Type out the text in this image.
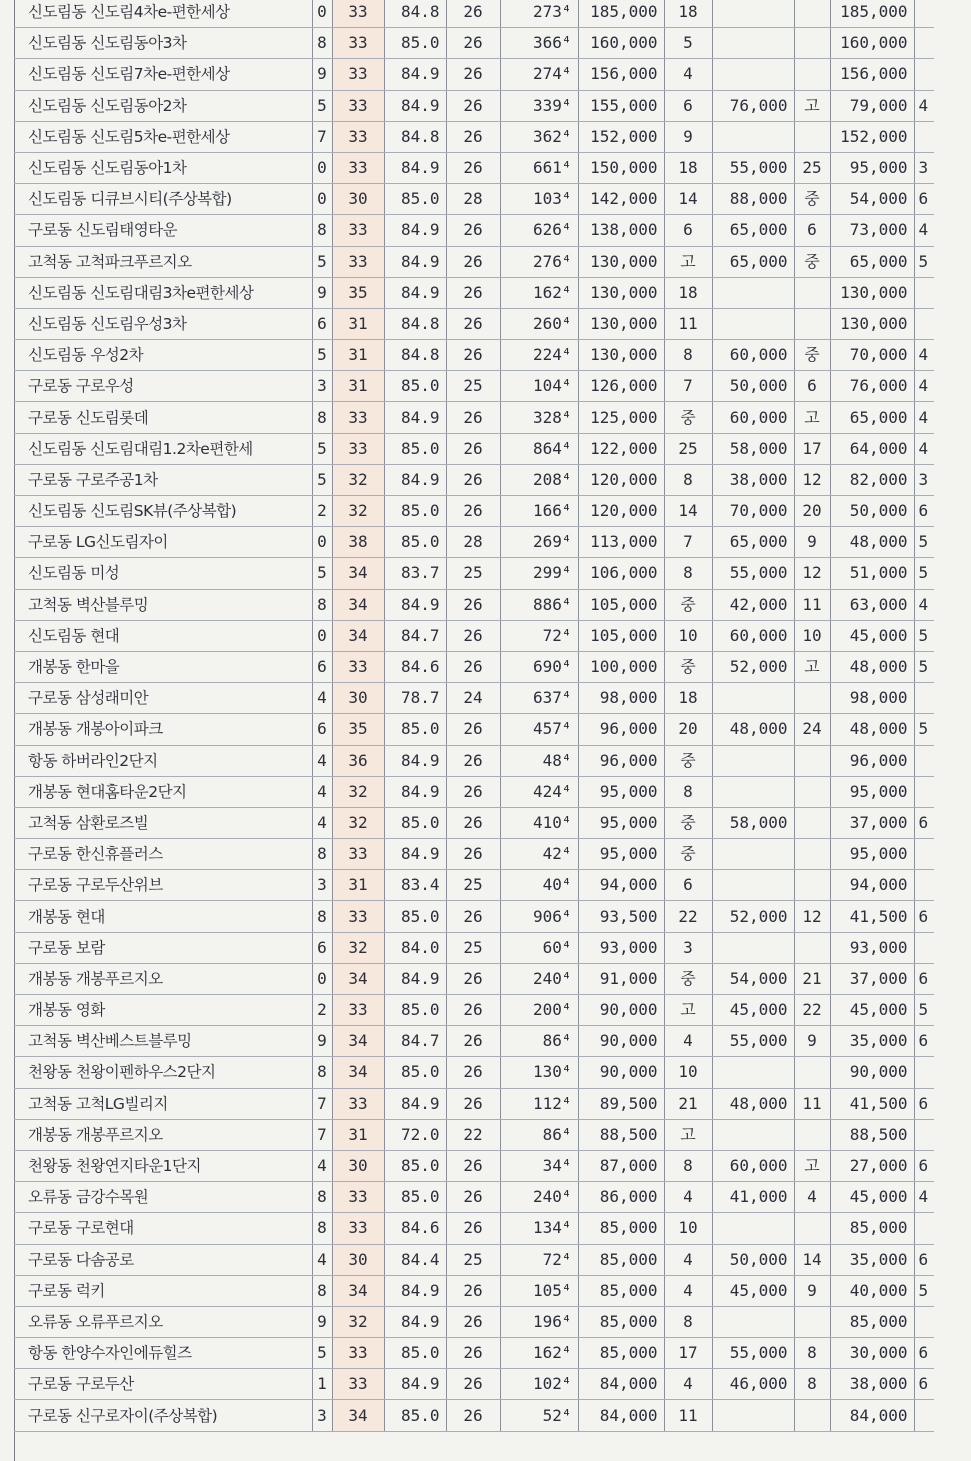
신도림동 신도림4차e-편한세상	0	33	84.8	26	273⁴	185,000	18			185,000	
신도림동 신도림동아3차	8	33	85.0	26	366⁴	160,000	5			160,000	
신도림동 신도림7차e-편한세상	9	33	84.9	26	274⁴	156,000	4			156,000	
신도림동 신도림동아2차	5	33	84.9	26	339⁴	155,000	6	76,000	고	79,000	4
신도림동 신도림5차e-편한세상	7	33	84.8	26	362⁴	152,000	9			152,000	
신도림동 신도림동아1차	0	33	84.9	26	661⁴	150,000	18	55,000	25	95,000	3
신도림동 디큐브시티(주상복합)	0	30	85.0	28	103⁴	142,000	14	88,000	중	54,000	6
구로동 신도림태영타운	8	33	84.9	26	626⁴	138,000	6	65,000	6	73,000	4
고척동 고척파크푸르지오	5	33	84.9	26	276⁴	130,000	고	65,000	중	65,000	5
신도림동 신도림대림3차e편한세상	9	35	84.9	26	162⁴	130,000	18			130,000	
신도림동 신도림우성3차	6	31	84.8	26	260⁴	130,000	11			130,000	
신도림동 우성2차	5	31	84.8	26	224⁴	130,000	8	60,000	중	70,000	4
구로동 구로우성	3	31	85.0	25	104⁴	126,000	7	50,000	6	76,000	4
구로동 신도림롯데	8	33	84.9	26	328⁴	125,000	중	60,000	고	65,000	4
신도림동 신도림대림1.2차e편한세	5	33	85.0	26	864⁴	122,000	25	58,000	17	64,000	4
구로동 구로주공1차	5	32	84.9	26	208⁴	120,000	8	38,000	12	82,000	3
신도림동 신도림SK뷰(주상복합)	2	32	85.0	26	166⁴	120,000	14	70,000	20	50,000	6
구로동 LG신도림자이	0	38	85.0	28	269⁴	113,000	7	65,000	9	48,000	5
신도림동 미성	5	34	83.7	25	299⁴	106,000	8	55,000	12	51,000	5
고척동 벽산블루밍	8	34	84.9	26	886⁴	105,000	중	42,000	11	63,000	4
신도림동 현대	0	34	84.7	26	72⁴	105,000	10	60,000	10	45,000	5
개봉동 한마을	6	33	84.6	26	690⁴	100,000	중	52,000	고	48,000	5
구로동 삼성래미안	4	30	78.7	24	637⁴	98,000	18			98,000	
개봉동 개봉아이파크	6	35	85.0	26	457⁴	96,000	20	48,000	24	48,000	5
항동 하버라인2단지	4	36	84.9	26	48⁴	96,000	중			96,000	
개봉동 현대홈타운2단지	4	32	84.9	26	424⁴	95,000	8			95,000	
고척동 삼환로즈빌	4	32	85.0	26	410⁴	95,000	중	58,000		37,000	6
구로동 한신휴플러스	8	33	84.9	26	42⁴	95,000	중			95,000	
구로동 구로두산위브	3	31	83.4	25	40⁴	94,000	6			94,000	
개봉동 현대	8	33	85.0	26	906⁴	93,500	22	52,000	12	41,500	6
구로동 보람	6	32	84.0	25	60⁴	93,000	3			93,000	
개봉동 개봉푸르지오	0	34	84.9	26	240⁴	91,000	중	54,000	21	37,000	6
개봉동 영화	2	33	85.0	26	200⁴	90,000	고	45,000	22	45,000	5
고척동 벽산베스트블루밍	9	34	84.7	26	86⁴	90,000	4	55,000	9	35,000	6
천왕동 천왕이펜하우스2단지	8	34	85.0	26	130⁴	90,000	10			90,000	
고척동 고척LG빌리지	7	33	84.9	26	112⁴	89,500	21	48,000	11	41,500	6
개봉동 개봉푸르지오	7	31	72.0	22	86⁴	88,500	고			88,500	
천왕동 천왕연지타운1단지	4	30	85.0	26	34⁴	87,000	8	60,000	고	27,000	6
오류동 금강수목원	8	33	85.0	26	240⁴	86,000	4	41,000	4	45,000	4
구로동 구로현대	8	33	84.6	26	134⁴	85,000	10			85,000	
구로동 다솜공로	4	30	84.4	25	72⁴	85,000	4	50,000	14	35,000	6
구로동 럭키	8	34	84.9	26	105⁴	85,000	4	45,000	9	40,000	5
오류동 오류푸르지오	9	32	84.9	26	196⁴	85,000	8			85,000	
항동 한양수자인에듀힐즈	5	33	85.0	26	162⁴	85,000	17	55,000	8	30,000	6
구로동 구로두산	1	33	84.9	26	102⁴	84,000	4	46,000	8	38,000	6
구로동 신구로자이(주상복합)	3	34	85.0	26	52⁴	84,000	11			84,000	
